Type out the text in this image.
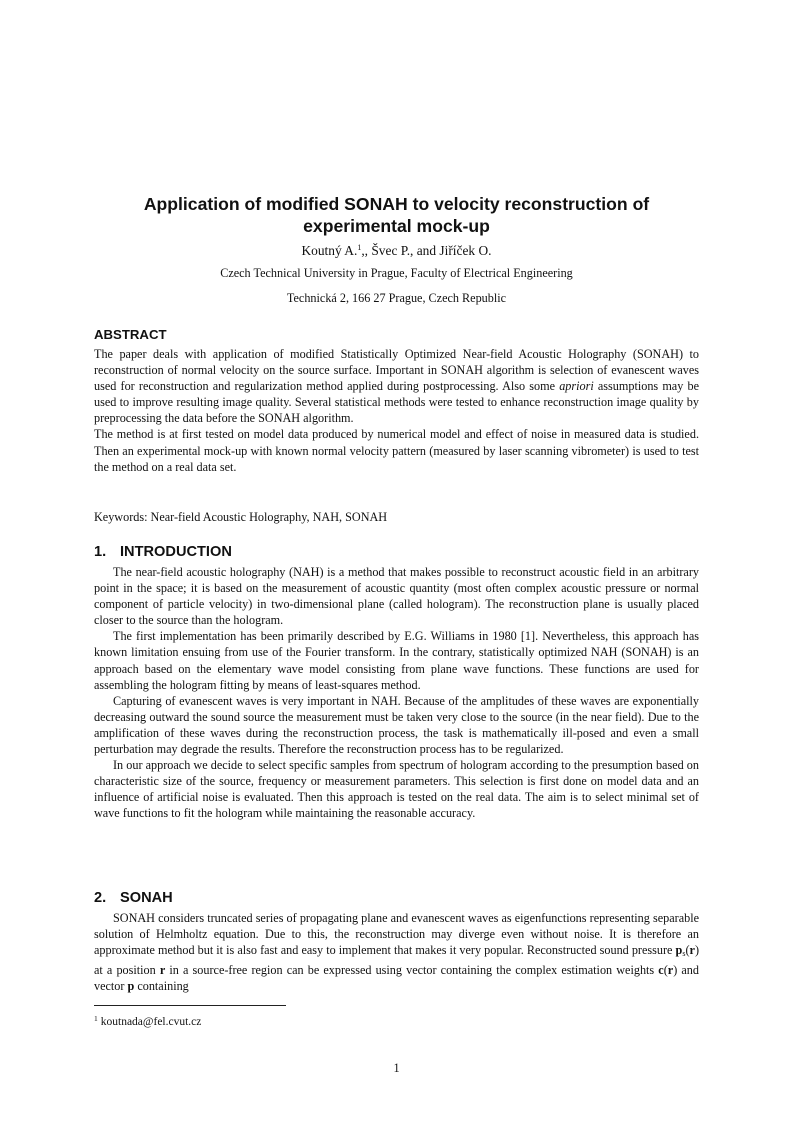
Application of modified SONAH to velocity reconstruction of
experimental mock-up
Koutný A.$^1$,, Švec P., and Jiříček O.
Czech Technical University in Prague, Faculty of Electrical Engineering
Technická 2, 166 27 Prague, Czech Republic
ABSTRACT

The paper deals with application of modified Statistically Optimized Near-field Acoustic Holography (SONAH) to reconstruction of normal velocity on the source surface. Important in SONAH algorithm is selection of evanescent waves used for reconstruction and regularization method applied during postprocessing. Also some apriori assumptions may be used to improve resulting image quality. Several statistical methods were tested to enhance reconstruction image quality by preprocessing the data before the SONAH algorithm.

The method is at first tested on model data produced by numerical model and effect of noise in measured data is studied. Then an experimental mock-up with known normal velocity pattern (measured by laser scanning vibrometer) is used to test the method on a real data set.

Keywords: Near-field Acoustic Holography, NAH, SONAH
1. INTRODUCTION

The near-field acoustic holography (NAH) is a method that makes possible to reconstruct acoustic field in an arbitrary point in the space; it is based on the measurement of acoustic quantity (most often complex acoustic pressure or normal component of particle velocity) in two-dimensional plane (called hologram). The reconstruction plane is usually placed closer to the source than the hologram.

The first implementation has been primarily described by E.G. Williams in 1980 [1]. Nevertheless, this approach has known limitation ensuing from use of the Fourier transform. In the contrary, statistically optimized NAH (SONAH) is an approach based on the elementary wave model consisting from plane wave functions. These functions are used for assembling the hologram fitting by means of least-squares method.

Capturing of evanescent waves is very important in NAH. Because of the amplitudes of these waves are exponentially decreasing outward the sound source the measurement must be taken very close to the source (in the near field). Due to the amplification of these waves during the reconstruction process, the task is mathematically ill-posed and even a small perturbation may degrade the results. Therefore the reconstruction process has to be regularized.

In our approach we decide to select specific samples from spectrum of hologram according to the presumption based on characteristic size of the source, frequency or measurement parameters. This selection is first done on model data and an influence of artificial noise is evaluated. Then this approach is tested on the real data. The aim is to select minimal set of wave functions to fit the hologram while maintaining the reasonable accuracy.

2. SONAH

SONAH considers truncated series of propagating plane and evanescent waves as eigenfunctions representing separable solution of Helmholtz equation. Due to this, the reconstruction may diverge even without noise. It is therefore an approximate method but it is also fast and easy to implement that makes it very popular. Reconstructed sound pressure $p_s(r)$ at a position r in a source-free region can be expressed using vector containing the complex estimation weights c(r) and vector p containing

$^1$ koutnada@fel.cvut.cz
1
